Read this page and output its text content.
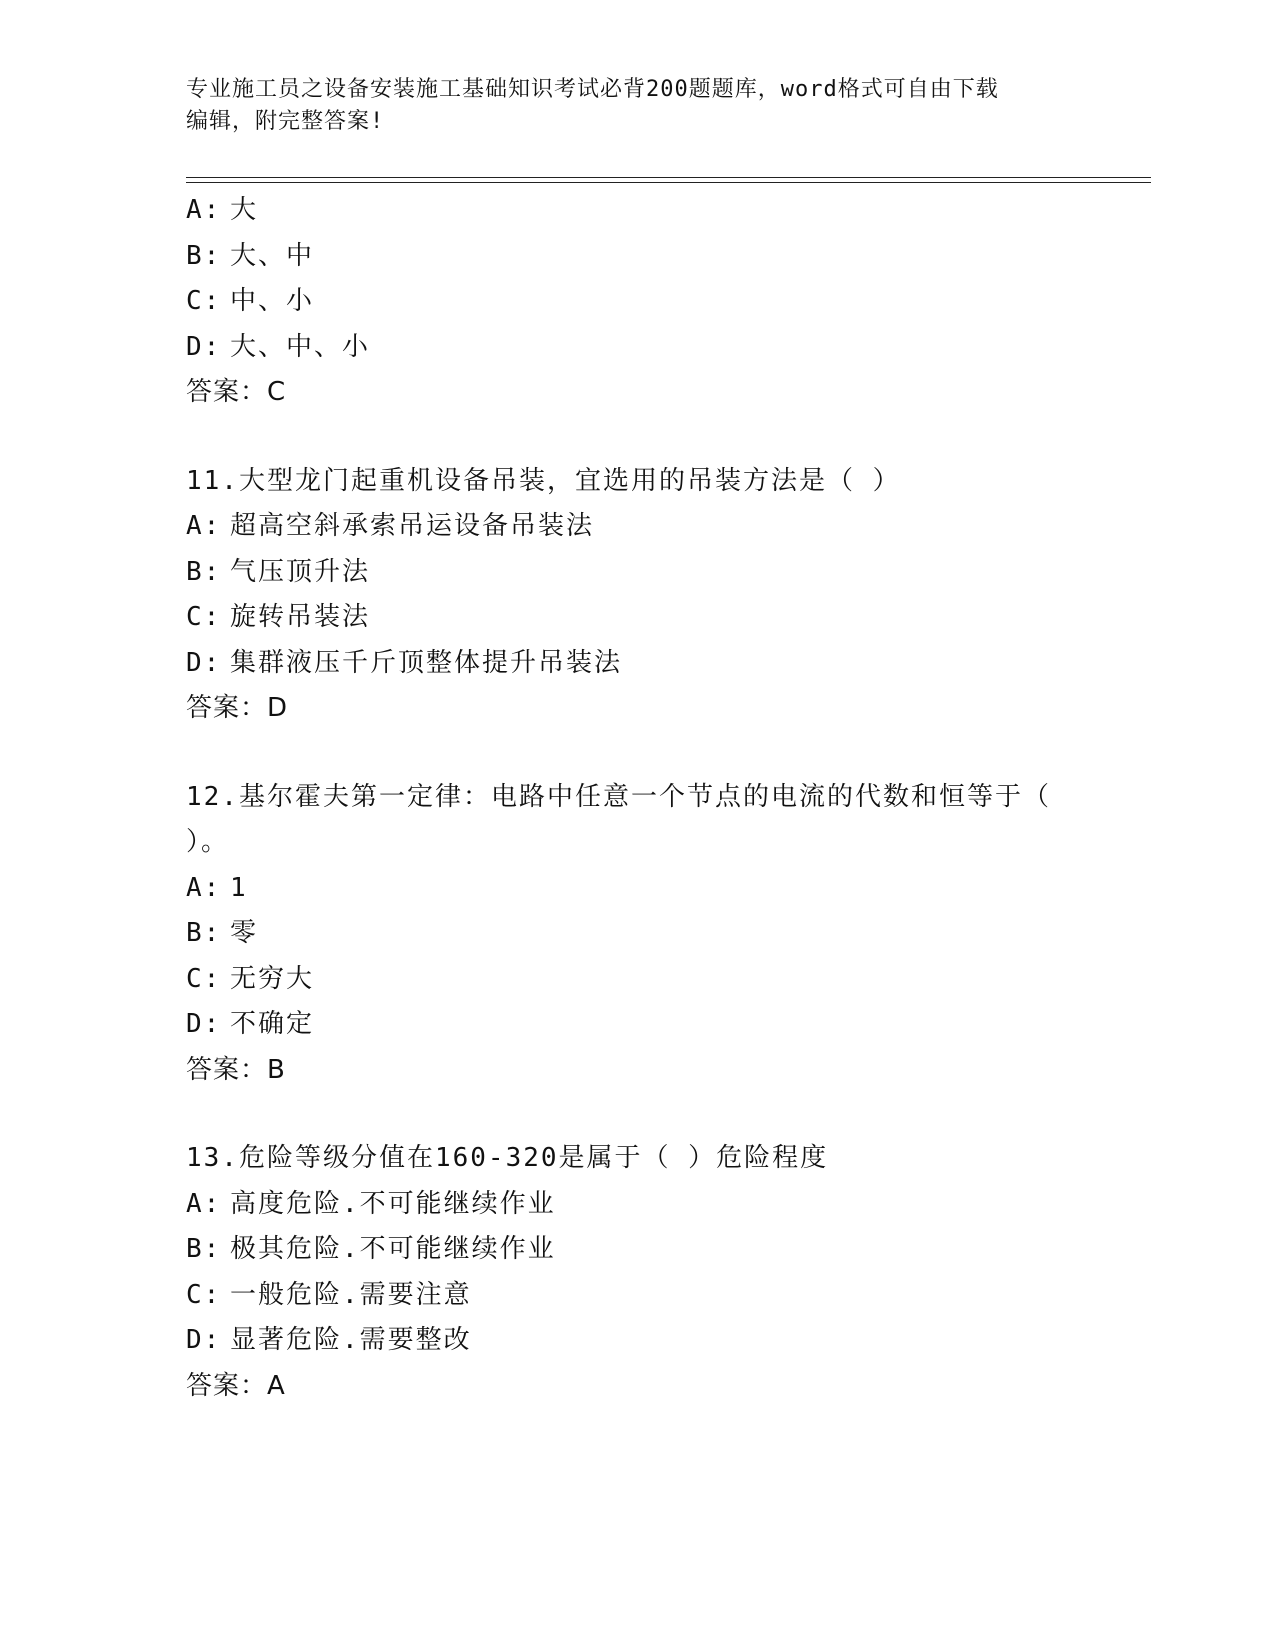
专业施工员之设备安装施工基础知识考试必背200题题库，word格式可自由下载
编辑，附完整答案!
A: 大
B: 大、中
C: 中、小
D: 大、中、小
答案：C
11.大型龙门起重机设备吊装，宜选用的吊装方法是（ ）
A: 超高空斜承索吊运设备吊装法
B: 气压顶升法
C: 旋转吊装法
D: 集群液压千斤顶整体提升吊装法
答案：D
12.基尔霍夫第一定律：电路中任意一个节点的电流的代数和恒等于（
）。
A: 1
B: 零
C: 无穷大
D: 不确定
答案：B
13.危险等级分值在160-320是属于（ ）危险程度
A: 高度危险.不可能继续作业
B: 极其危险.不可能继续作业
C: 一般危险.需要注意
D: 显著危险.需要整改
答案：A
